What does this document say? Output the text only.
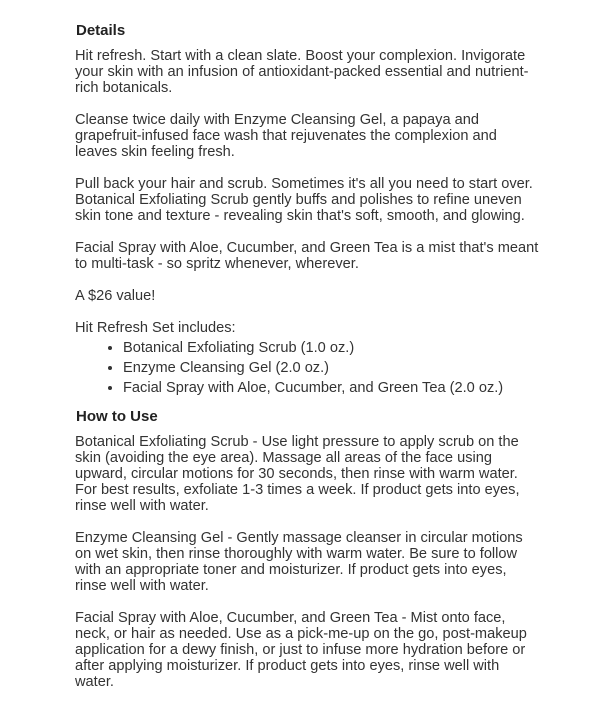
Details

Hit refresh. Start with a clean slate. Boost your complexion. Invigorate your skin with an infusion of antioxidant-packed essential and nutrient-rich botanicals.

Cleanse twice daily with Enzyme Cleansing Gel, a papaya and grapefruit-infused face wash that rejuvenates the complexion and leaves skin feeling fresh.

Pull back your hair and scrub. Sometimes it's all you need to start over. Botanical Exfoliating Scrub gently buffs and polishes to refine uneven skin tone and texture - revealing skin that's soft, smooth, and glowing.

Facial Spray with Aloe, Cucumber, and Green Tea is a mist that's meant to multi-task - so spritz whenever, wherever.

A $26 value!

Hit Refresh Set includes:

• Botanical Exfoliating Scrub (1.0 oz.)
• Enzyme Cleansing Gel (2.0 oz.)
• Facial Spray with Aloe, Cucumber, and Green Tea (2.0 oz.)
How to Use

Botanical Exfoliating Scrub - Use light pressure to apply scrub on the skin (avoiding the eye area). Massage all areas of the face using upward, circular motions for 30 seconds, then rinse with warm water. For best results, exfoliate 1-3 times a week. If product gets into eyes, rinse well with water.

Enzyme Cleansing Gel - Gently massage cleanser in circular motions on wet skin, then rinse thoroughly with warm water. Be sure to follow with an appropriate toner and moisturizer. If product gets into eyes, rinse well with water.

Facial Spray with Aloe, Cucumber, and Green Tea - Mist onto face, neck, or hair as needed. Use as a pick-me-up on the go, post-makeup application for a dewy finish, or just to infuse more hydration before or after applying moisturizer. If product gets into eyes, rinse well with water.
